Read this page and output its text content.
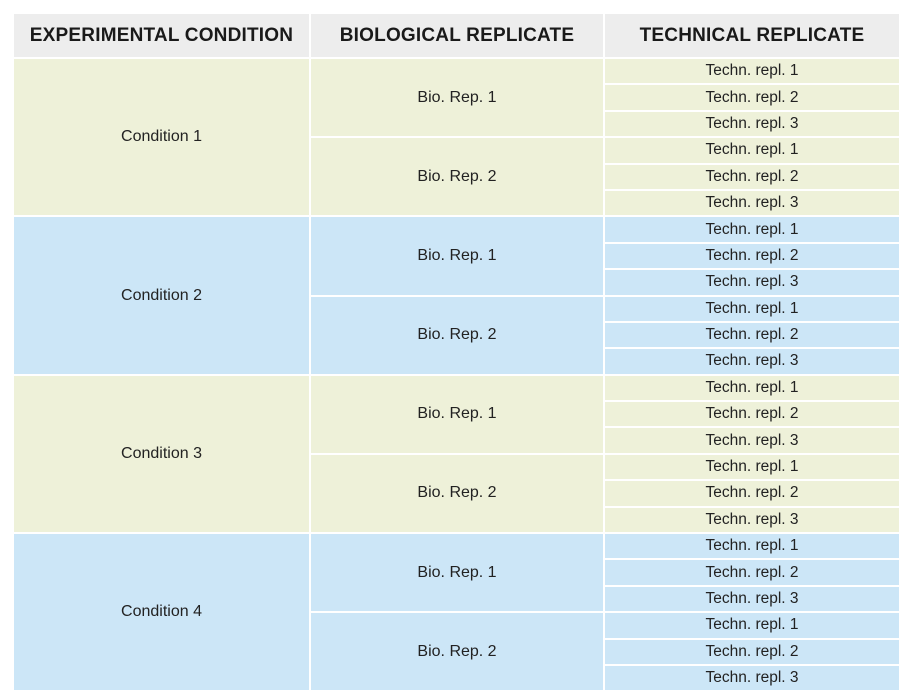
EXPERIMENTAL CONDITION	BIOLOGICAL REPLICATE	TECHNICAL REPLICATE
Condition 1	Bio. Rep. 1	Techn. repl. 1
		Techn. repl. 2
		Techn. repl. 3
	Bio. Rep. 2	Techn. repl. 1
		Techn. repl. 2
		Techn. repl. 3
Condition 2	Bio. Rep. 1	Techn. repl. 1
		Techn. repl. 2
		Techn. repl. 3
	Bio. Rep. 2	Techn. repl. 1
		Techn. repl. 2
		Techn. repl. 3
Condition 3	Bio. Rep. 1	Techn. repl. 1
		Techn. repl. 2
		Techn. repl. 3
	Bio. Rep. 2	Techn. repl. 1
		Techn. repl. 2
		Techn. repl. 3
Condition 4	Bio. Rep. 1	Techn. repl. 1
		Techn. repl. 2
		Techn. repl. 3
	Bio. Rep. 2	Techn. repl. 1
		Techn. repl. 2
		Techn. repl. 3
